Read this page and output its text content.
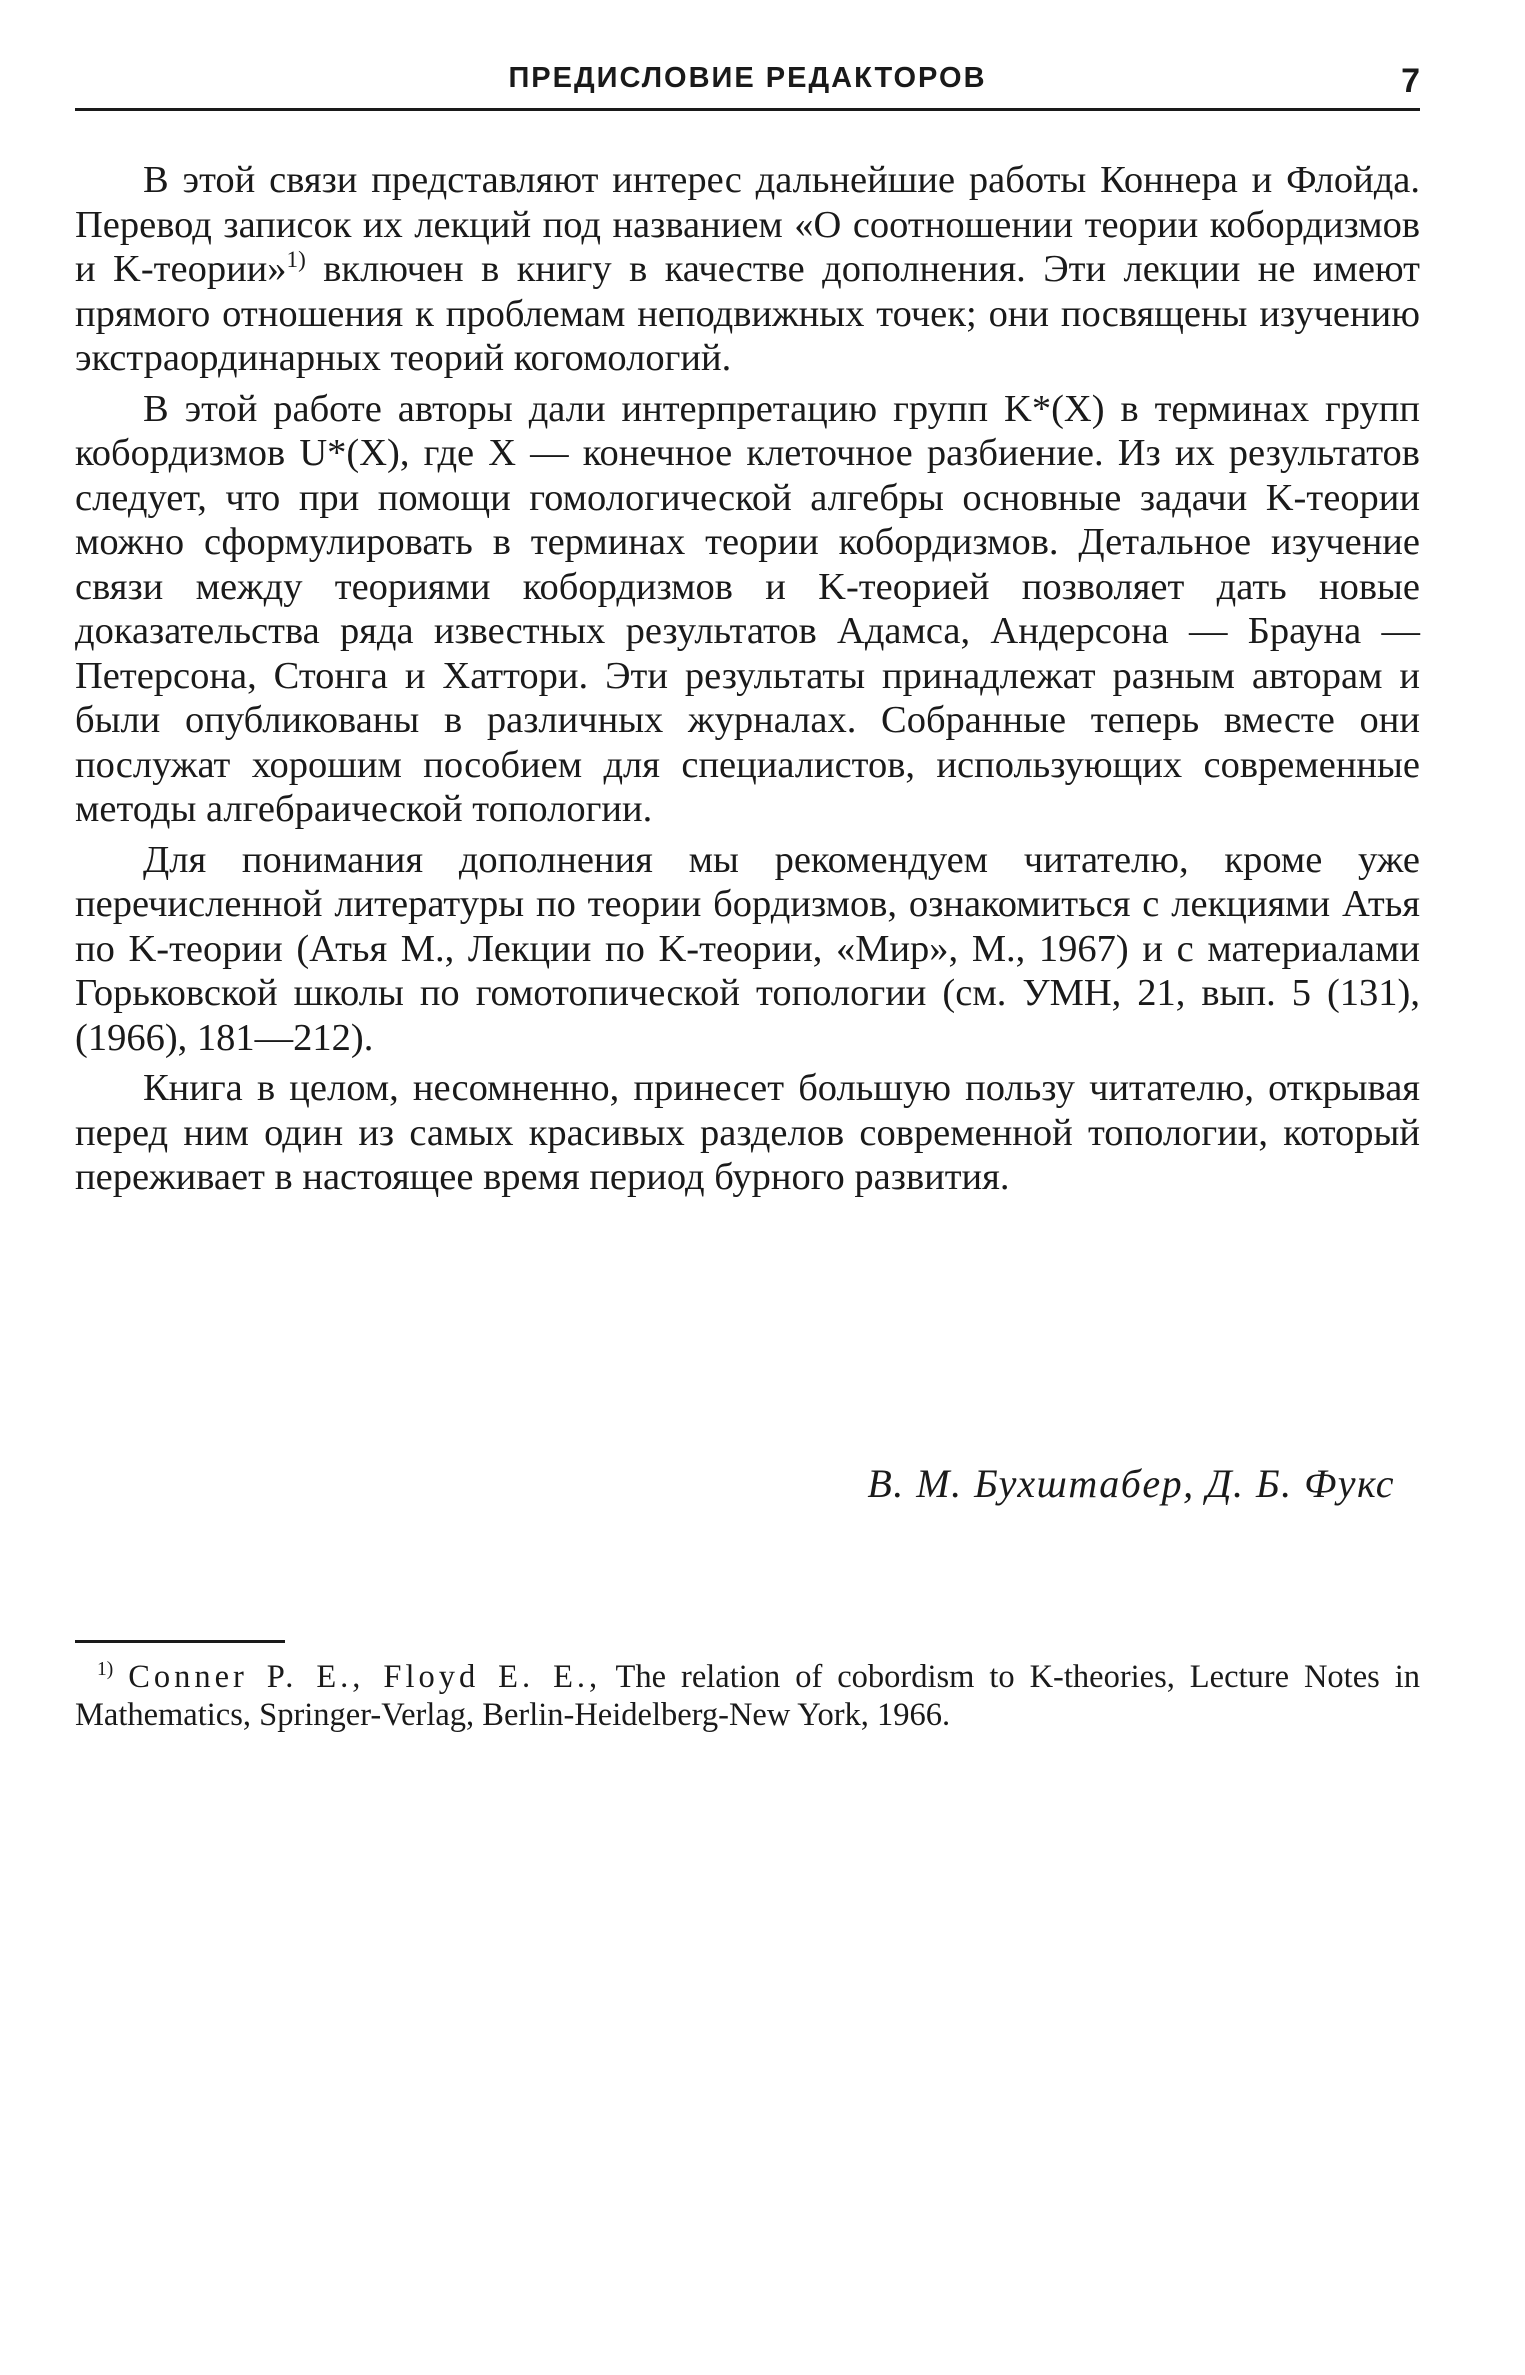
ПРЕДИСЛОВИЕ РЕДАКТОРОВ	7

В этой связи представляют интерес дальнейшие работы Коннера и Флойда. Перевод записок их лекций под названием «О соотношении теории кобордизмов и K-теории»$^{1)}$ включен в книгу в качестве дополнения. Эти лекции не имеют прямого отношения к проблемам неподвижных точек; они посвящены изучению экстраординарных теорий когомологий.

В этой работе авторы дали интерпретацию групп K*(X) в терминах групп кобордизмов U*(X), где X — конечное клеточное разбиение. Из их результатов следует, что при помощи гомологической алгебры основные задачи K-теории можно сформулировать в терминах теории кобордизмов. Детальное изучение связи между теориями кобордизмов и K-теорией позволяет дать новые доказательства ряда известных результатов Адамса, Андерсона — Брауна — Петерсона, Стонга и Хаттори. Эти результаты принадлежат разным авторам и были опубликованы в различных журналах. Собранные теперь вместе они послужат хорошим пособием для специалистов, использующих современные методы алгебраической топологии.

Для понимания дополнения мы рекомендуем читателю, кроме уже перечисленной литературы по теории бордизмов, ознакомиться с лекциями Атья по K-теории (Атья М., Лекции по K-теории, «Мир», М., 1967) и с материалами Горьковской школы по гомотопической топологии (см. УМН, 21, вып. 5 (131), (1966), 181—212).

Книга в целом, несомненно, принесет большую пользу читателю, открывая перед ним один из самых красивых разделов современной топологии, который переживает в настоящее время период бурного развития.

В. М. Бухштабер, Д. Б. Фукс

$^{1)}$ Conner P. E., Floyd E. E., The relation of cobordism to K-theories, Lecture Notes in Mathematics, Springer-Verlag, Berlin-Heidelberg-New York, 1966.
